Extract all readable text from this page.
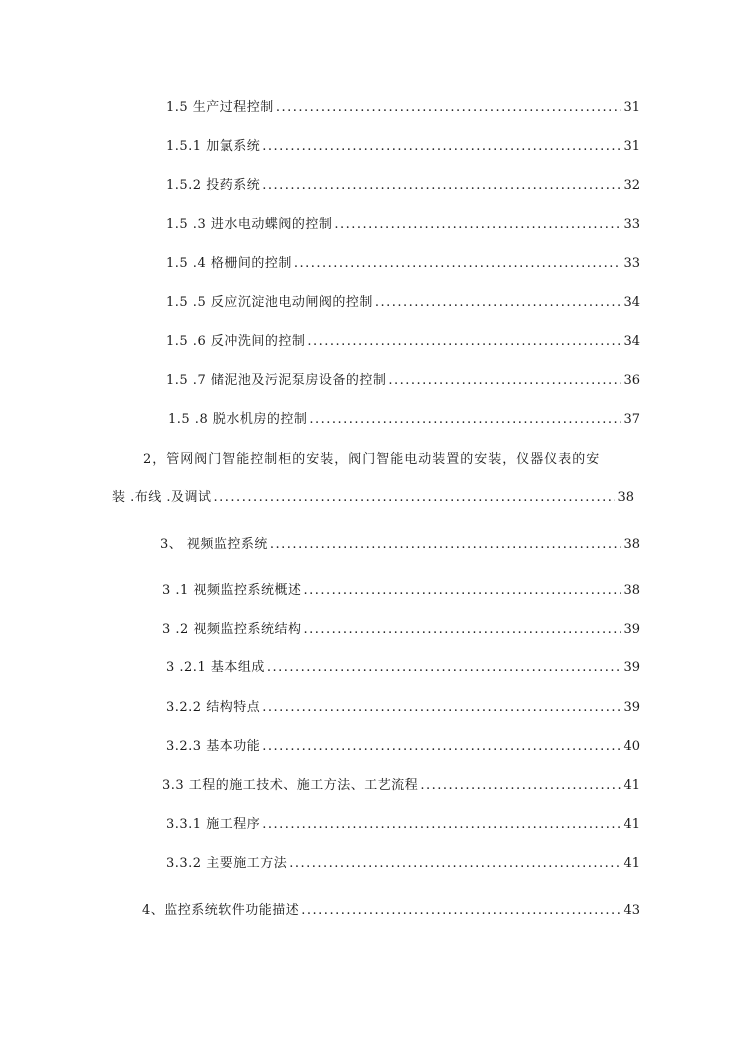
1.5 生产过程控制 .....	31
1.5.1 加氯系统 .....	31
1.5.2 投药系统 .....	32
1.5 .3 进水电动蝶阀的控制 .....	33
1.5 .4 格栅间的控制 .....	33
1.5 .5 反应沉淀池电动闸阀的控制 .....	34
1.5 .6 反冲洗间的控制 .....	34
1.5 .7 储泥池及污泥泵房设备的控制 .....	36
1.5 .8 脱水机房的控制 .....	37
2，管网阀门智能控制柜的安装，阀门智能电动装置的安装，仪器仪表的安
装 .布线 .及调试 .....	38
3、 视频监控系统 .....	38
3 .1 视频监控系统概述 .....	38
3 .2 视频监控系统结构 .....	39
3 .2.1 基本组成 .....	39
3.2.2 结构特点 .....	39
3.2.3 基本功能 .....	40
3.3 工程的施工技术、施工方法、工艺流程 .....	41
3.3.1 施工程序 .....	41
3.3.2 主要施工方法 .....	41
4、监控系统软件功能描述 .....	43
